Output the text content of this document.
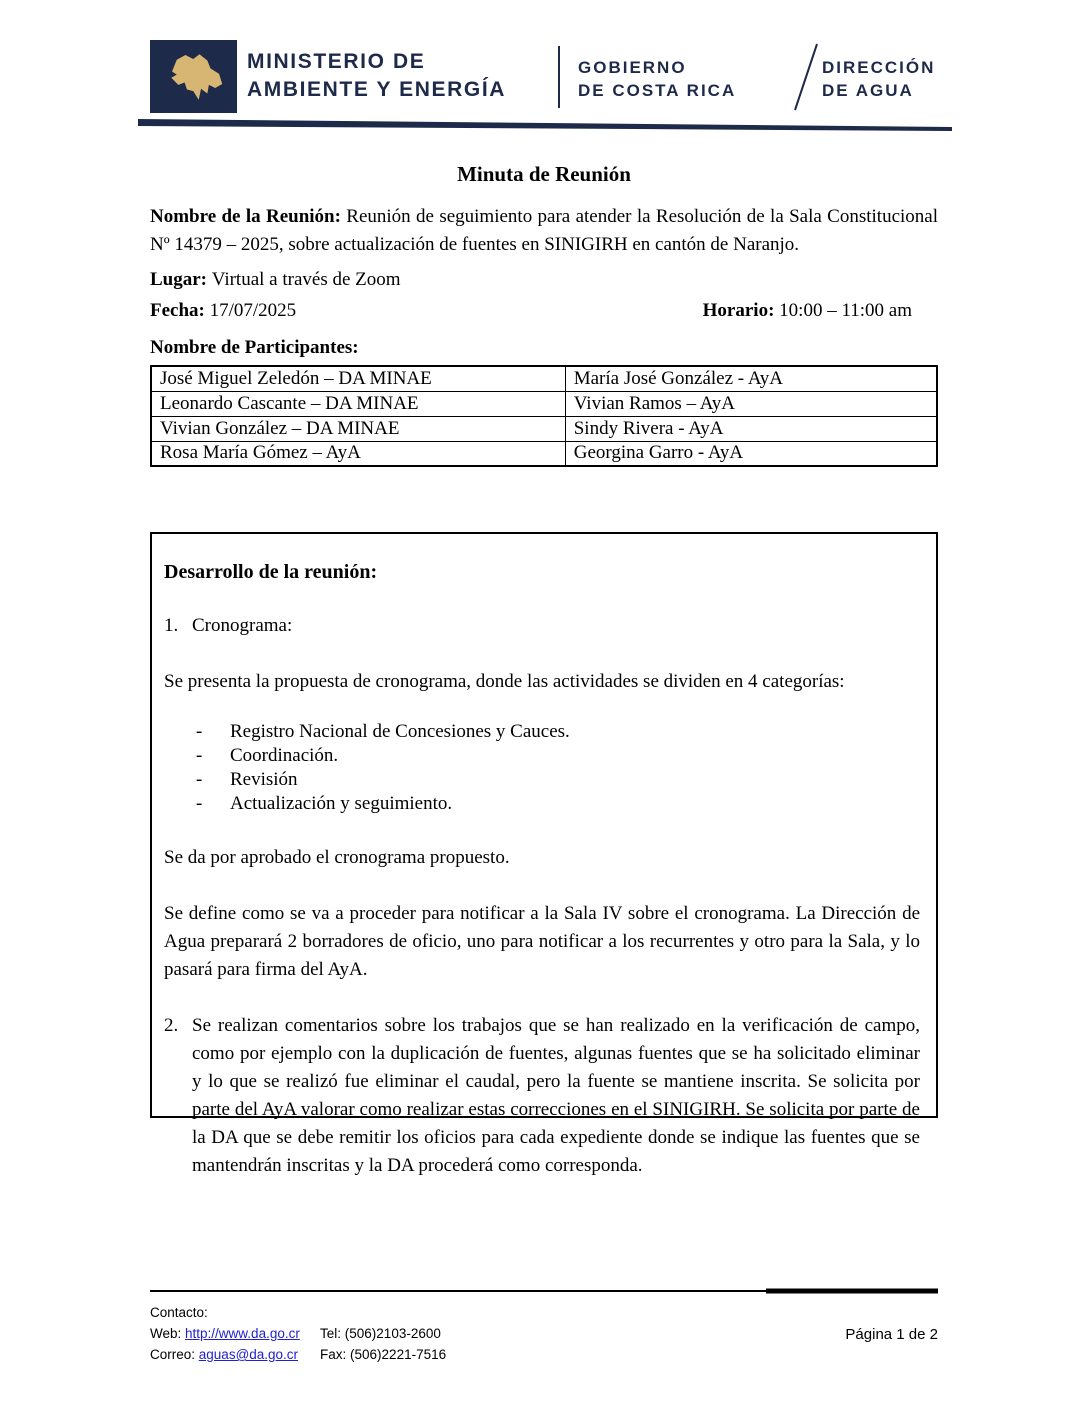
MINISTERIO DE
AMBIENTE Y ENERGÍA
GOBIERNO
DE COSTA RICA
DIRECCIÓN
DE AGUA
Minuta de Reunión

Nombre de la Reunión: Reunión de seguimiento para atender la Resolución de la Sala Constitucional Nº 14379 – 2025, sobre actualización de fuentes en SINIGIRH en cantón de Naranjo.

Lugar: Virtual a través de Zoom

Fecha: 17/07/2025	Horario: 10:00 – 11:00 am

Nombre de Participantes:

José Miguel Zeledón – DA MINAE	María José González - AyA
Leonardo Cascante – DA MINAE	Vivian Ramos – AyA
Vivian González – DA MINAE	Sindy Rivera - AyA
Rosa María Gómez – AyA	Georgina Garro - AyA
Desarrollo de la reunión:
1. Cronograma:

Se presenta la propuesta de cronograma, donde las actividades se dividen en 4 categorías:

-	Registro Nacional de Concesiones y Cauces.
-	Coordinación.
-	Revisión
-	Actualización y seguimiento.

Se da por aprobado el cronograma propuesto.

Se define como se va a proceder para notificar a la Sala IV sobre el cronograma. La Dirección de Agua preparará 2 borradores de oficio, uno para notificar a los recurrentes y otro para la Sala, y lo pasará para firma del AyA.

2. Se realizan comentarios sobre los trabajos que se han realizado en la verificación de campo, como por ejemplo con la duplicación de fuentes, algunas fuentes que se ha solicitado eliminar y lo que se realizó fue eliminar el caudal, pero la fuente se mantiene inscrita. Se solicita por parte del AyA valorar como realizar estas correcciones en el SINIGIRH. Se solicita por parte de la DA que se debe remitir los oficios para cada expediente donde se indique las fuentes que se mantendrán inscritas y la DA procederá como corresponda.
Contacto:
Web: http://www.da.go.cr	Tel: (506)2103-2600
Correo: aguas@da.go.cr	Fax: (506)2221-7516
Página 1 de 2
